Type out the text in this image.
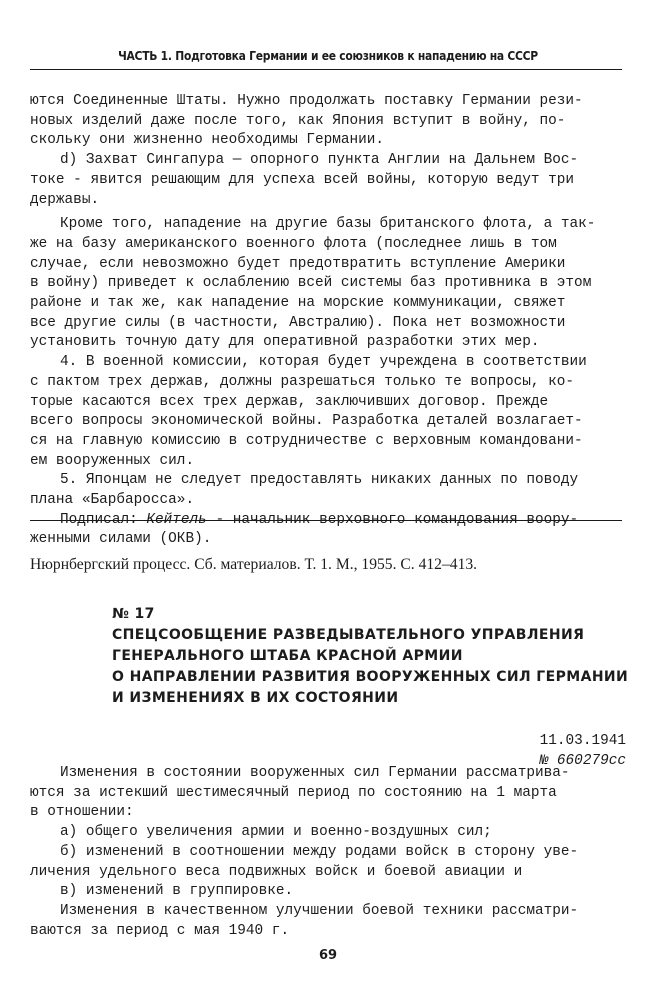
ЧАСТЬ 1. Подготовка Германии и ее союзников к нападению на СССР

ются Соединенные Штаты. Нужно продолжать поставку Германии рези-
новых изделий даже после того, как Япония вступит в войну, по-
скольку они жизненно необходимы Германии.

d) Захват Сингапура — опорного пункта Англии на Дальнем Вос-
токе - явится решающим для успеха всей войны, которую ведут три
державы.

Кроме того, нападение на другие базы британского флота, а так-
же на базу американского военного флота (последнее лишь в том
случае, если невозможно будет предотвратить вступление Америки
в войну) приведет к ослаблению всей системы баз противника в этом
районе и так же, как нападение на морские коммуникации, свяжет
все другие силы (в частности, Австралию). Пока нет возможности
установить точную дату для оперативной разработки этих мер.

4. В военной комиссии, которая будет учреждена в соответствии
с пактом трех держав, должны разрешаться только те вопросы, ко-
торые касаются всех трех держав, заключивших договор. Прежде
всего вопросы экономической войны. Разработка деталей возлагает-
ся на главную комиссию в сотрудничестве с верховным командовани-
ем вооруженных сил.

5. Японцам не следует предоставлять никаких данных по поводу
плана «Барбаросса».

Подписал: Кейтель - начальник верховного командования воору-
женными силами (ОКВ).

Нюрнбергский процесс. Сб. материалов. Т. 1. М., 1955. С. 412–413.
№ 17
СПЕЦСООБЩЕНИЕ РАЗВЕДЫВАТЕЛЬНОГО УПРАВЛЕНИЯ
ГЕНЕРАЛЬНОГО ШТАБА КРАСНОЙ АРМИИ
О НАПРАВЛЕНИИ РАЗВИТИЯ ВООРУЖЕННЫХ СИЛ ГЕРМАНИИ
И ИЗМЕНЕНИЯХ В ИХ СОСТОЯНИИ
11.03.1941
№ 660279сс

Изменения в состоянии вооруженных сил Германии рассматрива-
ются за истекший шестимесячный период по состоянию на 1 марта
в отношении:

а) общего увеличения армии и военно-воздушных сил;

б) изменений в соотношении между родами войск в сторону уве-
личения удельного веса подвижных войск и боевой авиации и

в) изменений в группировке.

Изменения в качественном улучшении боевой техники рассматри-
ваются за период с мая 1940 г.

69
